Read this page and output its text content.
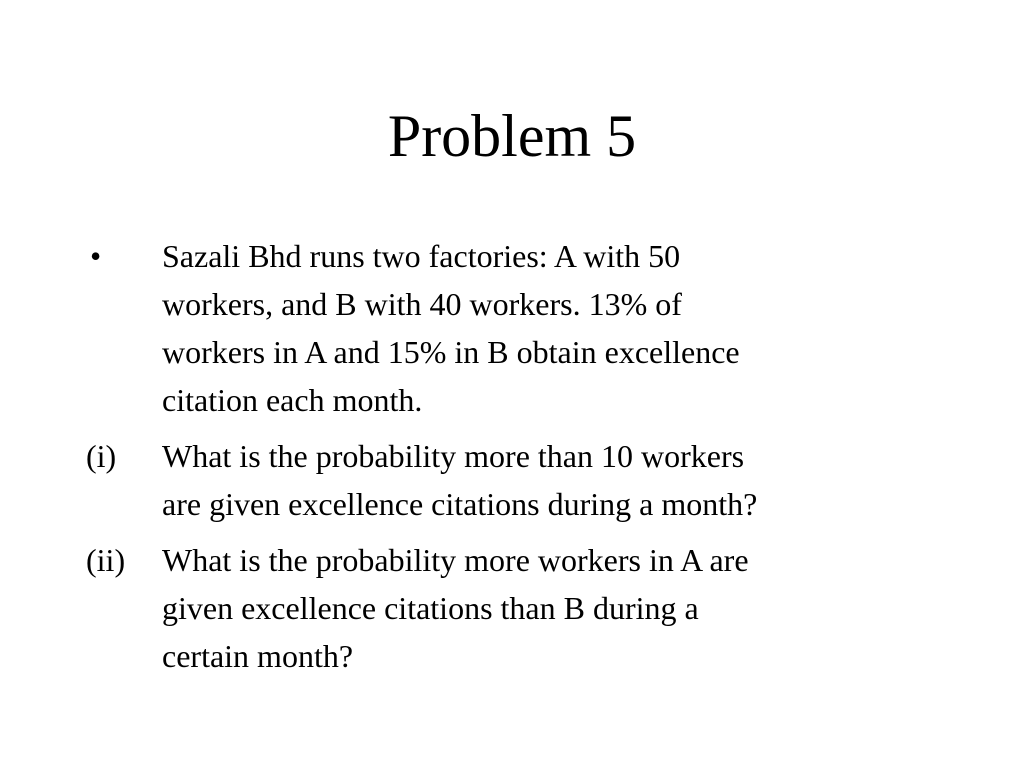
Problem 5
•	Sazali Bhd runs two factories: A with 50
workers, and B with 40 workers. 13% of
workers in A and 15% in B obtain excellence
citation each month.
(i)	What is the probability more than 10 workers
are given excellence citations during a month?
(ii)	What is the probability more workers in A are
given excellence citations than B during a
certain month?
